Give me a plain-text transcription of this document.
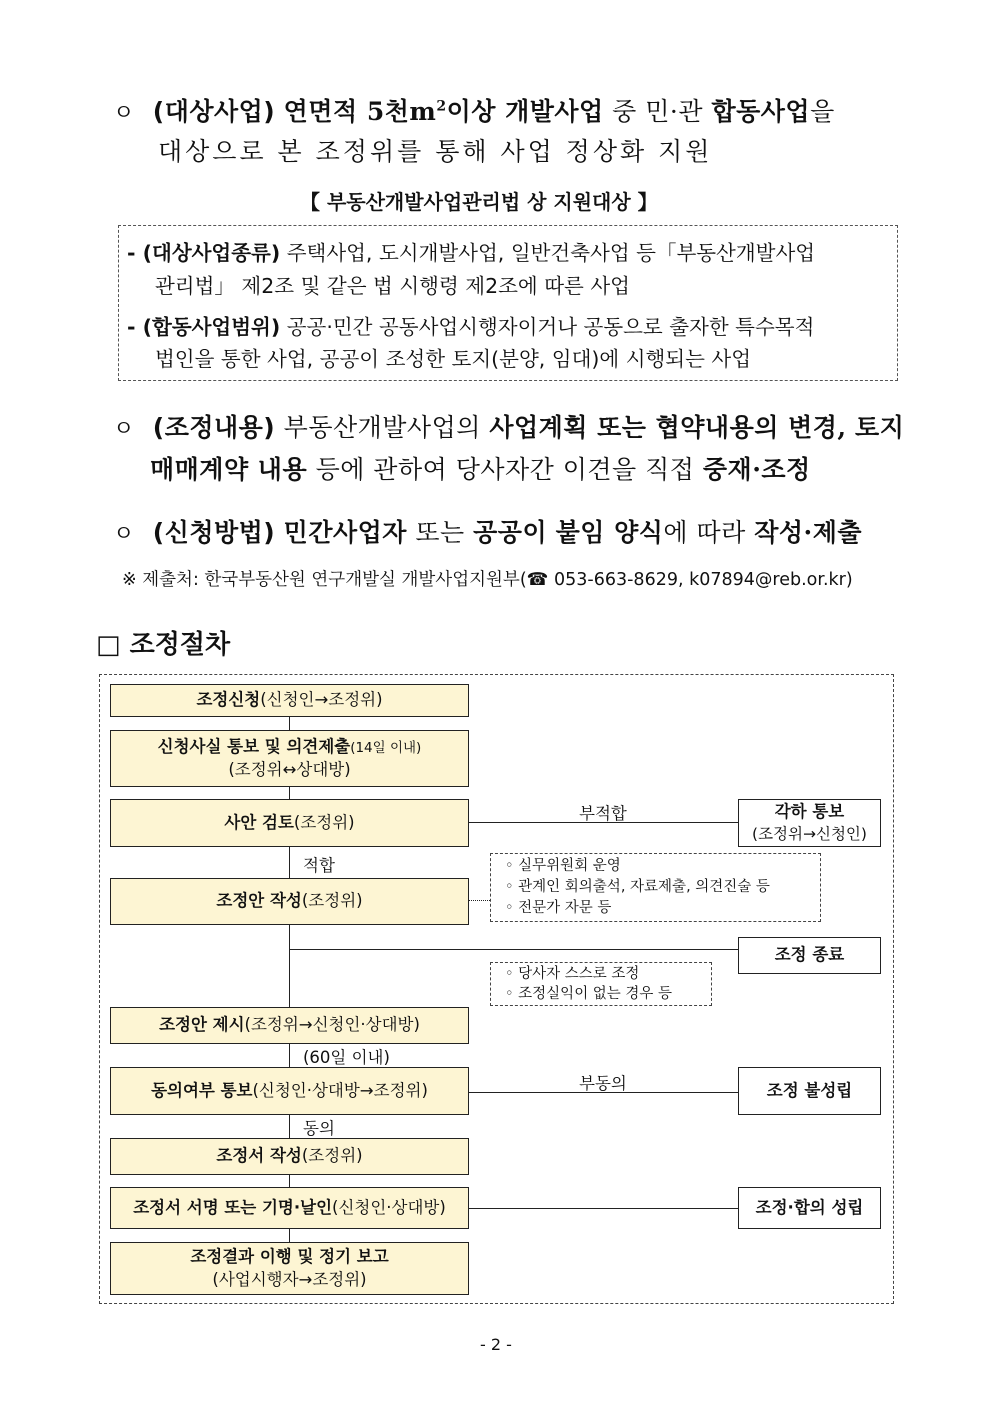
ㅇ (대상사업) 연면적 5천$m^2$이상 개발사업 중 민·관 합동사업을
대상으로 본 조정위를 통해 사업 정상화 지원
【 부동산개발사업관리법 상 지원대상 】
- (대상사업종류) 주택사업, 도시개발사업, 일반건축사업 등「부동산개발사업
관리법」 제2조 및 같은 법 시행령 제2조에 따른 사업
- (합동사업범위) 공공·민간 공동사업시행자이거나 공동으로 출자한 특수목적
법인을 통한 사업, 공공이 조성한 토지(분양, 임대)에 시행되는 사업
ㅇ (조정내용) 부동산개발사업의 사업계획 또는 협약내용의 변경, 토지
매매계약 내용 등에 관하여 당사자간 이견을 직접 중재·조정
ㅇ (신청방법) 민간사업자 또는 공공이 붙임 양식에 따라 작성·제출
※ 제출처: 한국부동산원 연구개발실 개발사업지원부(☎ 053-663-8629, k07894@reb.or.kr)
□ 조정절차
조정신청(신청인→조정위)
신청사실 통보 및 의견제출(14일 이내)
(조정위↔상대방)
사안 검토(조정위)
조정안 작성(조정위)
조정안 제시(조정위→신청인·상대방)
동의여부 통보(신청인·상대방→조정위)
조정서 작성(조정위)
조정서 서명 또는 기명·날인(신청인·상대방)
조정결과 이행 및 정기 보고
(사업시행자→조정위)
각하 통보
(조정위→신청인)
조정 종료
조정 불성립
조정·합의 성립
◦ 실무위원회 운영
◦ 관계인 회의출석, 자료제출, 의견진술 등
◦ 전문가 자문 등
◦ 당사자 스스로 조정
◦ 조정실익이 없는 경우 등
부적합
적합
(60일 이내)
부동의
동의
- 2 -
